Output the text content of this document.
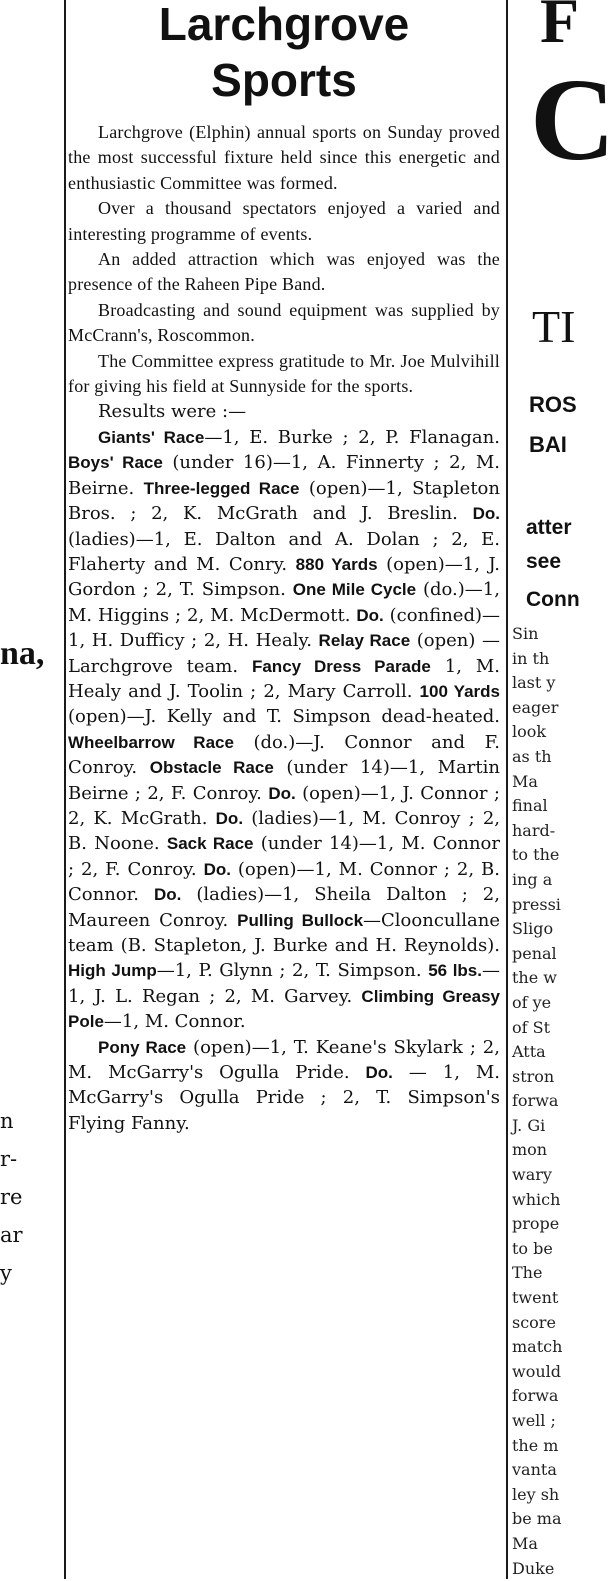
na,
n
r-
re
ar
y
F
C
TI
ROS
BAI
atter
see
Conn
Sin
in th
last y
eager
look
as th
Ma
final
hard-
to the
ing a
pressi
Sligo
penal
the w
of ye
of St
Atta
stron
forwa
J. Gi
mon
wary
which
prope
to be
The
twent
score
match
would
forwa
well ;
the m
vanta
ley sh
be ma
Ma
Duke
Larchgrove
Sports

Larchgrove (Elphin) annual sports on Sunday proved the most successful fixture held since this energetic and enthusiastic Committee was formed.

Over a thousand spectators enjoyed a varied and interesting programme of events.

An added attraction which was enjoyed was the presence of the Raheen Pipe Band.

Broadcasting and sound equipment was supplied by McCrann's, Roscommon.

The Committee express gratitude to Mr. Joe Mulvihill for giving his field at Sunnyside for the sports.

Results were :—

Giants' Race—1, E. Burke ; 2, P. Flanagan. Boys' Race (under 16)—1, A. Finnerty ; 2, M. Beirne. Three-legged Race (open)—1, Stapleton Bros. ; 2, K. McGrath and J. Breslin. Do. (ladies)—1, E. Dalton and A. Dolan ; 2, E. Flaherty and M. Conry. 880 Yards (open)—1, J. Gordon ; 2, T. Simpson. One Mile Cycle (do.)—1, M. Higgins ; 2, M. McDermott. Do. (confined)—1, H. Dufficy ; 2, H. Healy. Relay Race (open) — Larchgrove team. Fancy Dress Parade 1, M. Healy and J. Toolin ; 2, Mary Carroll. 100 Yards (open)—J. Kelly and T. Simpson dead-heated. Wheelbarrow Race (do.)—J. Connor and F. Conroy. Obstacle Race (under 14)—1, Martin Beirne ; 2, F. Conroy. Do. (open)—1, J. Connor ; 2, K. McGrath. Do. (ladies)—1, M. Conroy ; 2, B. Noone. Sack Race (under 14)—1, M. Connor ; 2, F. Conroy. Do. (open)—1, M. Connor ; 2, B. Connor. Do. (ladies)—1, Sheila Dalton ; 2, Maureen Conroy. Pulling Bullock—Clooncullane team (B. Stapleton, J. Burke and H. Reynolds). High Jump—1, P. Glynn ; 2, T. Simpson. 56 lbs.—1, J. L. Regan ; 2, M. Garvey. Climbing Greasy Pole—1, M. Connor.

Pony Race (open)—1, T. Keane's Skylark ; 2, M. McGarry's Ogulla Pride. Do. — 1, M. McGarry's Ogulla Pride ; 2, T. Simpson's Flying Fanny.
